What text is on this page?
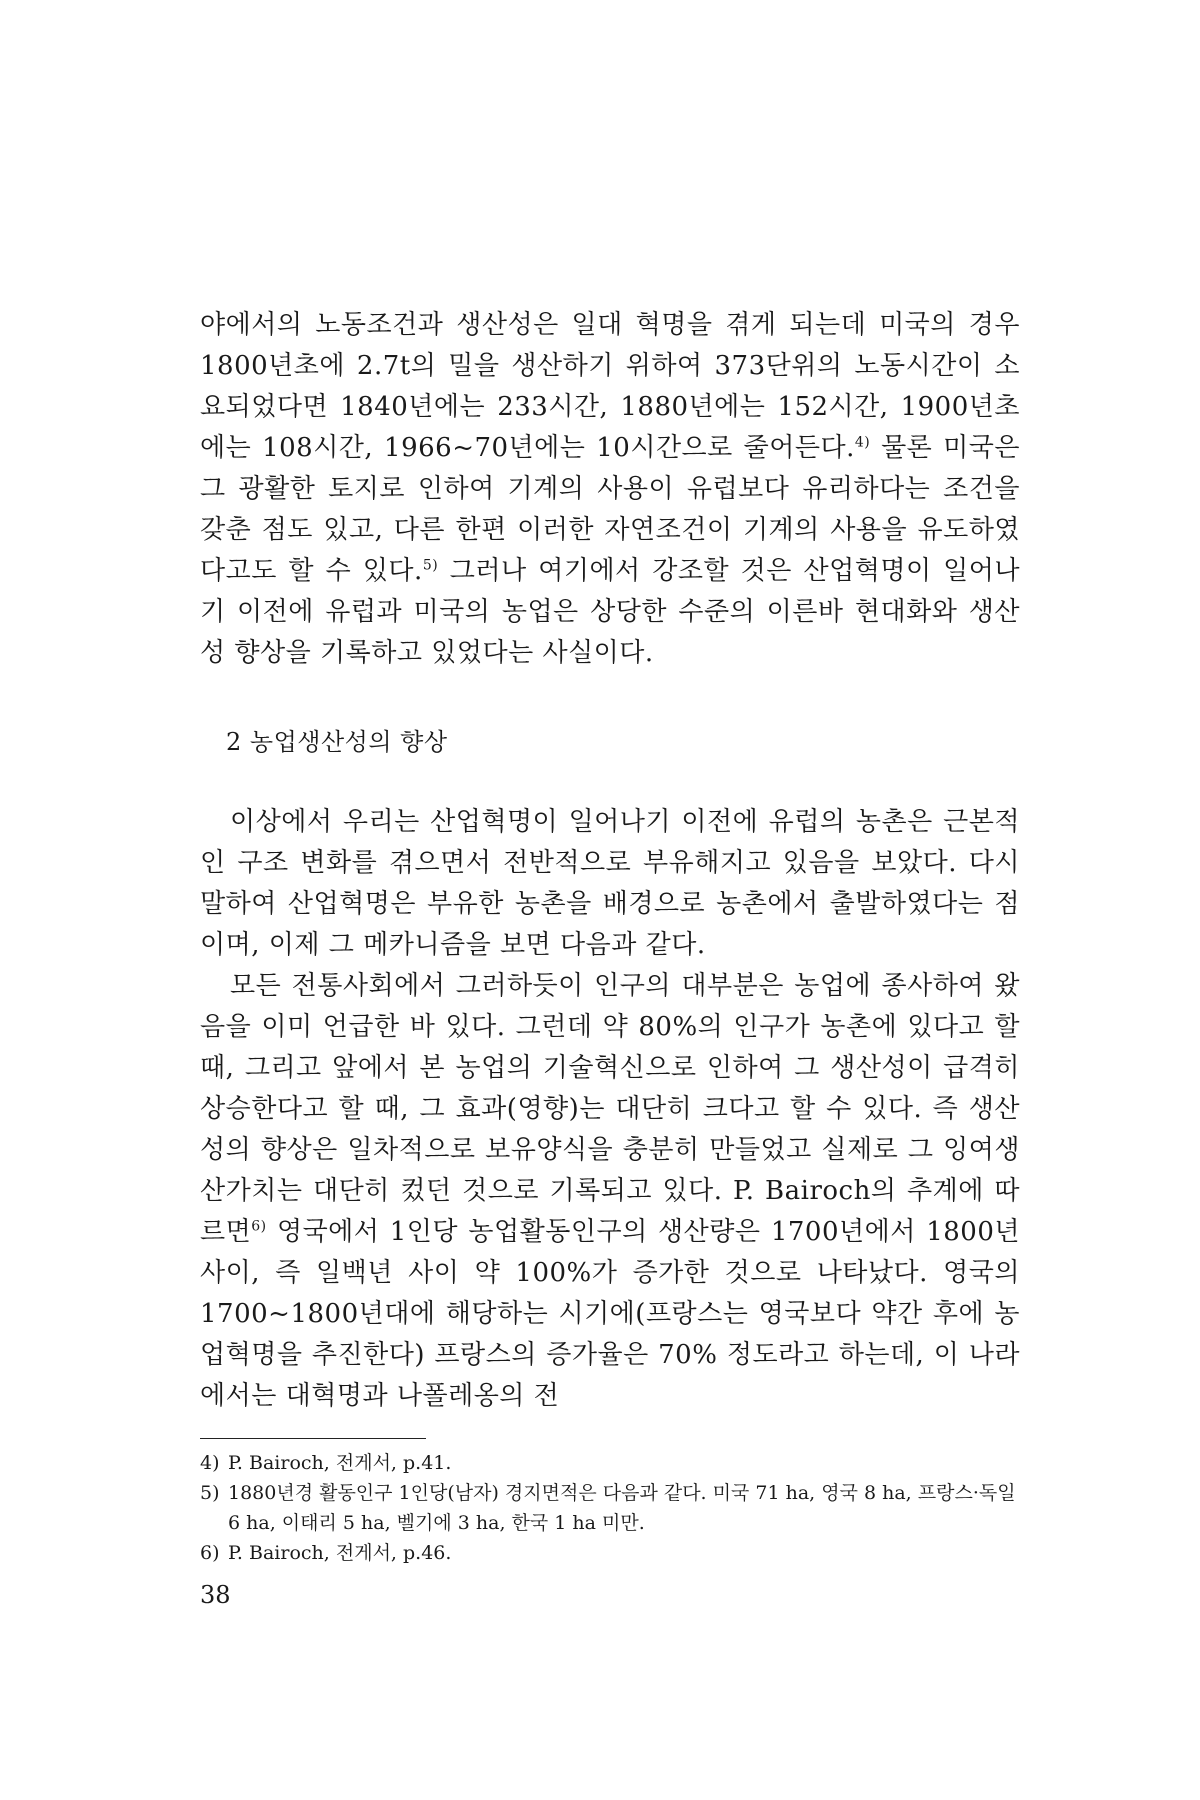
야에서의 노동조건과 생산성은 일대 혁명을 겪게 되는데 미국의 경우 1800년초에 2.7t의 밀을 생산하기 위하여 373단위의 노동시간이 소요되었다면 1840년에는 233시간, 1880년에는 152시간, 1900년초에는 108시간, 1966~70년에는 10시간으로 줄어든다.$^{4)}$ 물론 미국은 그 광활한 토지로 인하여 기계의 사용이 유럽보다 유리하다는 조건을 갖춘 점도 있고, 다른 한편 이러한 자연조건이 기계의 사용을 유도하였다고도 할 수 있다.$^{5)}$ 그러나 여기에서 강조할 것은 산업혁명이 일어나기 이전에 유럽과 미국의 농업은 상당한 수준의 이른바 현대화와 생산성 향상을 기록하고 있었다는 사실이다.

2 농업생산성의 향상

이상에서 우리는 산업혁명이 일어나기 이전에 유럽의 농촌은 근본적인 구조 변화를 겪으면서 전반적으로 부유해지고 있음을 보았다. 다시 말하여 산업혁명은 부유한 농촌을 배경으로 농촌에서 출발하였다는 점이며, 이제 그 메카니즘을 보면 다음과 같다.

모든 전통사회에서 그러하듯이 인구의 대부분은 농업에 종사하여 왔음을 이미 언급한 바 있다. 그런데 약 80%의 인구가 농촌에 있다고 할 때, 그리고 앞에서 본 농업의 기술혁신으로 인하여 그 생산성이 급격히 상승한다고 할 때, 그 효과(영향)는 대단히 크다고 할 수 있다. 즉 생산성의 향상은 일차적으로 보유양식을 충분히 만들었고 실제로 그 잉여생산가치는 대단히 컸던 것으로 기록되고 있다. P. Bairoch의 추계에 따르면$^{6)}$ 영국에서 1인당 농업활동인구의 생산량은 1700년에서 1800년 사이, 즉 일백년 사이 약 100%가 증가한 것으로 나타났다. 영국의 1700~1800년대에 해당하는 시기에(프랑스는 영국보다 약간 후에 농업혁명을 추진한다) 프랑스의 증가율은 70% 정도라고 하는데, 이 나라에서는 대혁명과 나폴레옹의 전

4) P. Bairoch, 전게서, p.41.
5) 1880년경 활동인구 1인당(남자) 경지면적은 다음과 같다. 미국 71 ha, 영국 8 ha, 프랑스·독일 6 ha, 이태리 5 ha, 벨기에 3 ha, 한국 1 ha 미만.
6) P. Bairoch, 전게서, p.46.
38
